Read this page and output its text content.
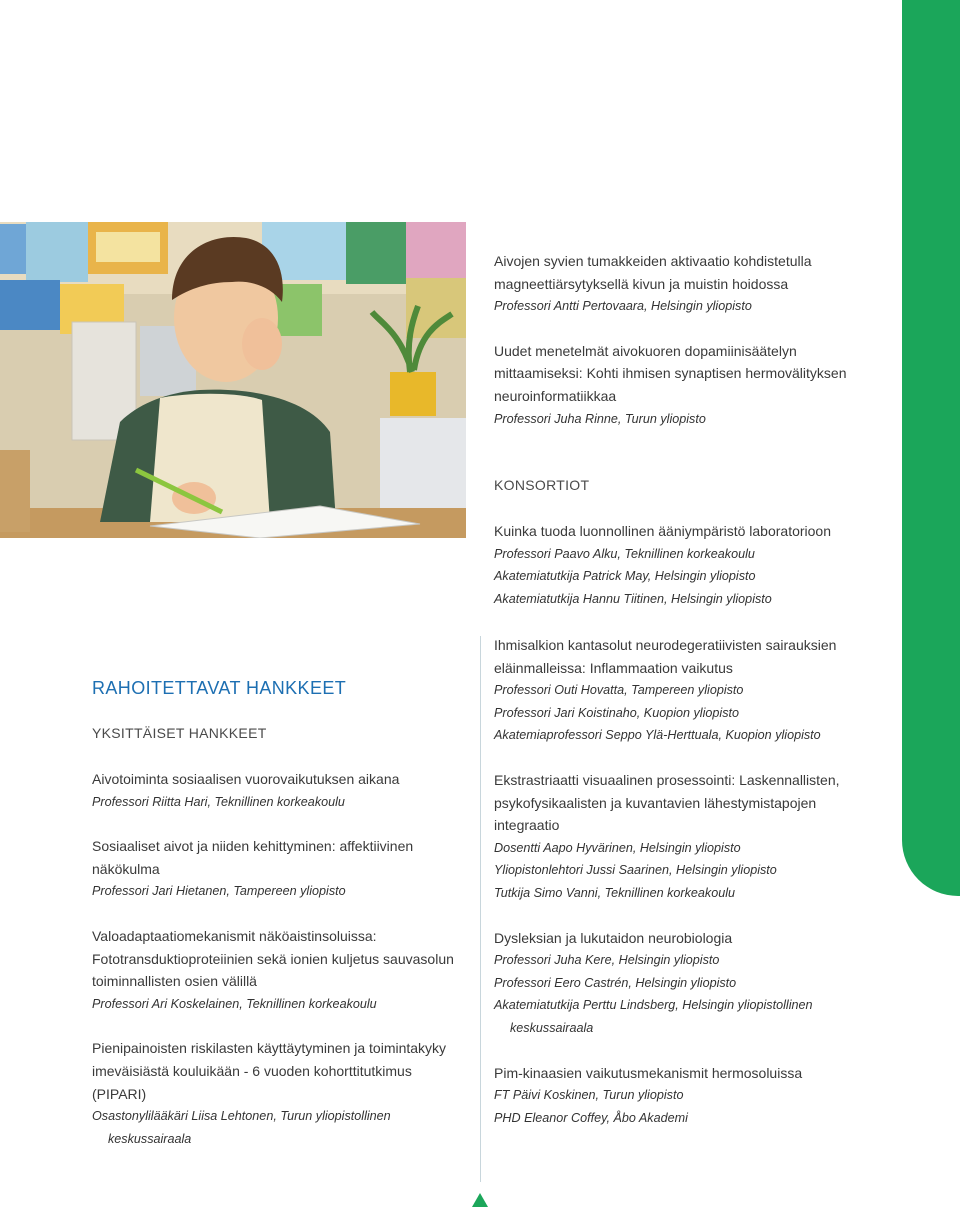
Aivojen syvien tumakkeiden aktivaatio kohdistetulla

magneettiärsytyksellä kivun ja muistin hoidossa

Professori Antti Pertovaara, Helsingin yliopisto

Uudet menetelmät aivokuoren dopamiinisäätelyn

mittaamiseksi: Kohti ihmisen synaptisen hermovälityksen

neuroinformatiikkaa

Professori Juha Rinne, Turun yliopisto

KONSORTIOT

Kuinka tuoda luonnollinen ääniympäristö laboratorioon

Professori Paavo Alku, Teknillinen korkeakoulu

Akatemiatutkija Patrick May, Helsingin yliopisto

Akatemiatutkija Hannu Tiitinen, Helsingin yliopisto

RAHOITETTAVAT HANKKEET

YKSITTÄISET HANKKEET

Aivotoiminta sosiaalisen vuorovaikutuksen aikana

Professori Riitta Hari, Teknillinen korkeakoulu

Sosiaaliset aivot ja niiden kehittyminen: affektiivinen

näkökulma

Professori Jari Hietanen, Tampereen yliopisto

Valoadaptaatiomekanismit näköaistinsoluissa:

Fototransduktioproteiinien sekä ionien kuljetus sauvasolun

toiminnallisten osien välillä

Professori Ari Koskelainen, Teknillinen korkeakoulu

Pienipainoisten riskilasten käyttäytyminen ja toimintakyky

imeväisiästä kouluikään - 6 vuoden kohorttitutkimus

(PIPARI)

Osastonylilääkäri Liisa Lehtonen, Turun yliopistollinen

keskussairaala

Ihmisalkion kantasolut neurodegeratiivisten sairauksien

eläinmalleissa: Inflammaation vaikutus

Professori Outi Hovatta, Tampereen yliopisto

Professori Jari Koistinaho, Kuopion yliopisto

Akatemiaprofessori Seppo Ylä-Herttuala, Kuopion yliopisto

Ekstrastriaatti visuaalinen prosessointi: Laskennallisten,

psykofysikaalisten ja kuvantavien lähestymistapojen

integraatio

Dosentti Aapo Hyvärinen, Helsingin yliopisto

Yliopistonlehtori Jussi Saarinen, Helsingin yliopisto

Tutkija Simo Vanni, Teknillinen korkeakoulu

Dysleksian ja lukutaidon neurobiologia

Professori Juha Kere, Helsingin yliopisto

Professori Eero Castrén, Helsingin yliopisto

Akatemiatutkija Perttu Lindsberg, Helsingin yliopistollinen

keskussairaala

Pim-kinaasien vaikutusmekanismit hermosoluissa

FT Päivi Koskinen, Turun yliopisto

PHD Eleanor Coffey, Åbo Akademi
